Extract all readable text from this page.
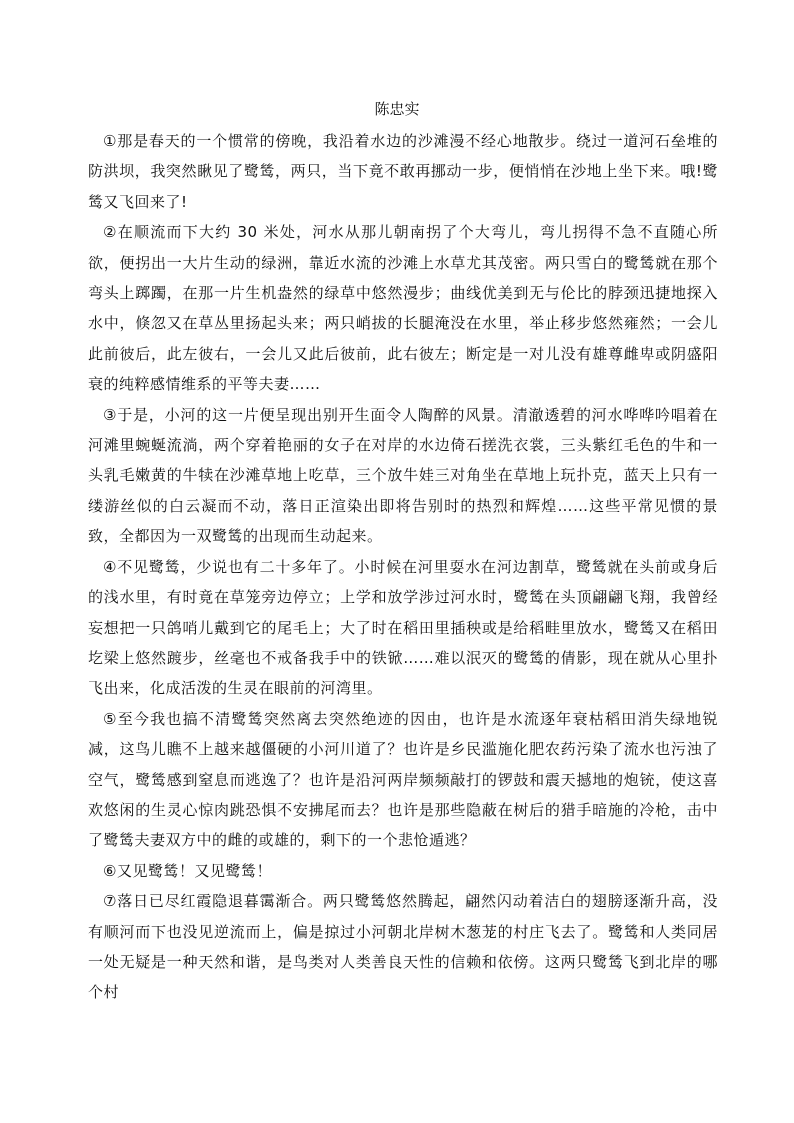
陈忠实

①那是春天的一个惯常的傍晚，我沿着水边的沙滩漫不经心地散步。绕过一道河石垒堆的防洪坝，我突然瞅见了鹭鸶，两只，当下竟不敢再挪动一步，便悄悄在沙地上坐下来。哦!鹭鸶又飞回来了!

②在顺流而下大约 30 米处，河水从那儿朝南拐了个大弯儿，弯儿拐得不急不直随心所欲，便拐出一大片生动的绿洲，靠近水流的沙滩上水草尤其茂密。两只雪白的鹭鸶就在那个弯头上踯躅，在那一片生机盎然的绿草中悠然漫步；曲线优美到无与伦比的脖颈迅捷地探入水中，倏忽又在草丛里扬起头来；两只峭拔的长腿淹没在水里，举止移步悠然雍然；一会儿此前彼后，此左彼右，一会儿又此后彼前，此右彼左；断定是一对儿没有雄尊雌卑或阴盛阳衰的纯粹感情维系的平等夫妻……

③于是，小河的这一片便呈现出别开生面令人陶醉的风景。清澈透碧的河水哗哗吟唱着在河滩里蜿蜒流淌，两个穿着艳丽的女子在对岸的水边倚石搓洗衣裳，三头紫红毛色的牛和一头乳毛嫩黄的牛犊在沙滩草地上吃草，三个放牛娃三对角坐在草地上玩扑克，蓝天上只有一缕游丝似的白云凝而不动，落日正渲染出即将告别时的热烈和辉煌……这些平常见惯的景致，全都因为一双鹭鸶的出现而生动起来。

④不见鹭鸶，少说也有二十多年了。小时候在河里耍水在河边割草，鹭鸶就在头前或身后的浅水里，有时竟在草笼旁边停立；上学和放学涉过河水时，鹭鸶在头顶翩翩飞翔，我曾经妄想把一只鸽哨儿戴到它的尾毛上；大了时在稻田里插秧或是给稻畦里放水，鹭鸶又在稻田圪梁上悠然踱步，丝毫也不戒备我手中的铁锨……难以泯灭的鹭鸶的倩影，现在就从心里扑飞出来，化成活泼的生灵在眼前的河湾里。

⑤至今我也搞不清鹭鸶突然离去突然绝迹的因由，也许是水流逐年衰枯稻田消失绿地锐减，这鸟儿瞧不上越来越僵硬的小河川道了？也许是乡民滥施化肥农药污染了流水也污浊了空气，鹭鸶感到窒息而逃逸了？也许是沿河两岸频频敲打的锣鼓和震天撼地的炮铳，使这喜欢悠闲的生灵心惊肉跳恐惧不安拂尾而去？也许是那些隐蔽在树后的猎手暗施的冷枪，击中了鹭鸶夫妻双方中的雌的或雄的，剩下的一个悲怆遁逃？

⑥又见鹭鸶！又见鹭鸶！

⑦落日已尽红霞隐退暮霭渐合。两只鹭鸶悠然腾起，翩然闪动着洁白的翅膀逐渐升高，没有顺河而下也没见逆流而上，偏是掠过小河朝北岸树木葱茏的村庄飞去了。鹭鸶和人类同居一处无疑是一种天然和谐，是鸟类对人类善良天性的信赖和依傍。这两只鹭鸶飞到北岸的哪个村
